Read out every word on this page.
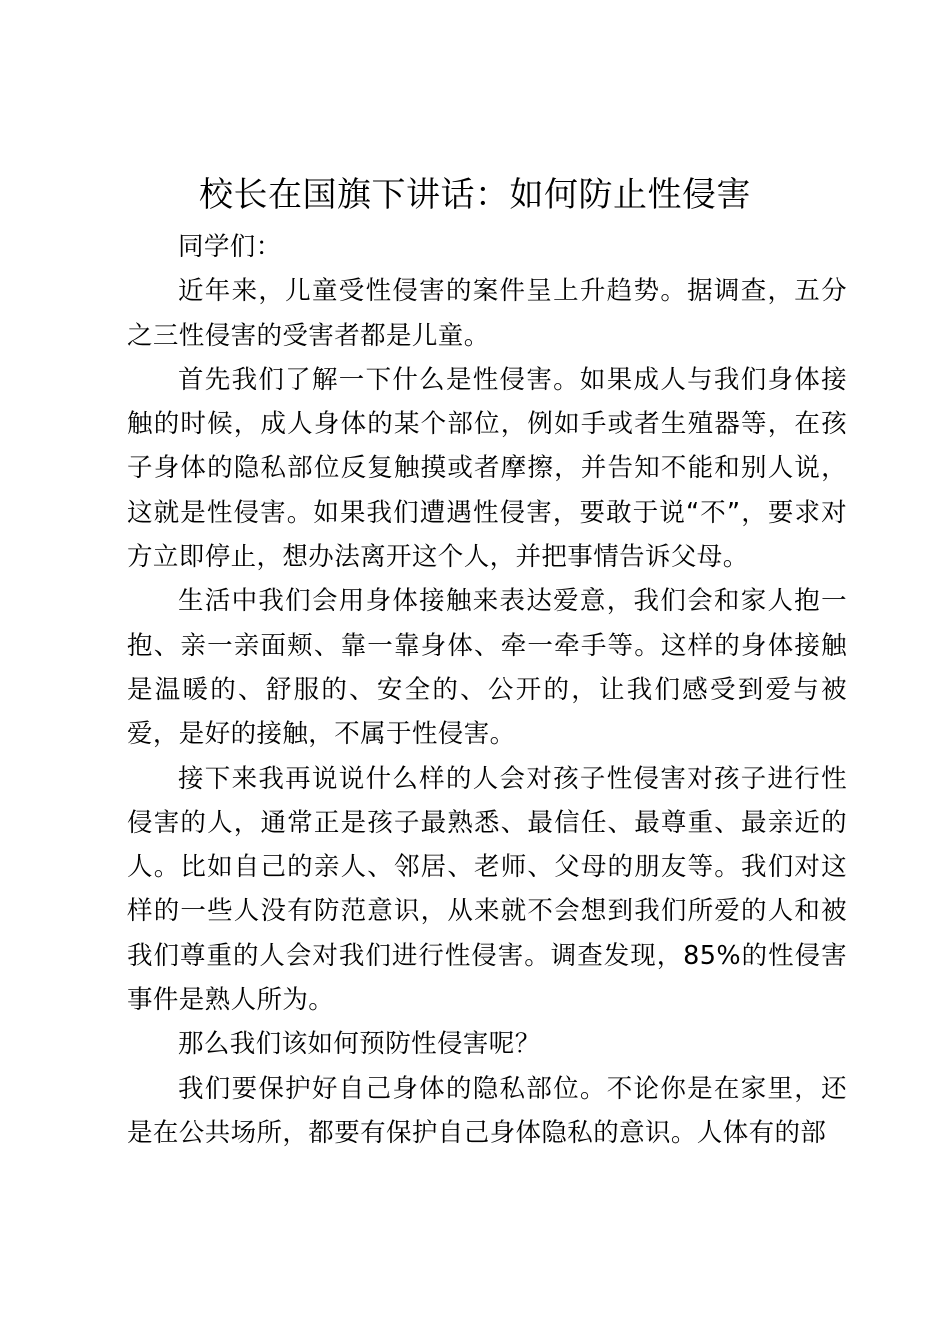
校长在国旗下讲话：如何防止性侵害

同学们：

近年来，儿童受性侵害的案件呈上升趋势。据调查，五分之三性侵害的受害者都是儿童。

首先我们了解一下什么是性侵害。如果成人与我们身体接触的时候，成人身体的某个部位，例如手或者生殖器等，在孩子身体的隐私部位反复触摸或者摩擦，并告知不能和别人说，这就是性侵害。如果我们遭遇性侵害，要敢于说“不”，要求对方立即停止，想办法离开这个人，并把事情告诉父母。

生活中我们会用身体接触来表达爱意，我们会和家人抱一抱、亲一亲面颊、靠一靠身体、牵一牵手等。这样的身体接触是温暖的、舒服的、安全的、公开的，让我们感受到爱与被爱，是好的接触，不属于性侵害。

接下来我再说说什么样的人会对孩子性侵害对孩子进行性侵害的人，通常正是孩子最熟悉、最信任、最尊重、最亲近的人。比如自己的亲人、邻居、老师、父母的朋友等。我们对这样的一些人没有防范意识，从来就不会想到我们所爱的人和被我们尊重的人会对我们进行性侵害。调查发现，85%的性侵害事件是熟人所为。

那么我们该如何预防性侵害呢？

我们要保护好自己身体的隐私部位。不论你是在家里，还是在公共场所，都要有保护自己身体隐私的意识。人体有的部
